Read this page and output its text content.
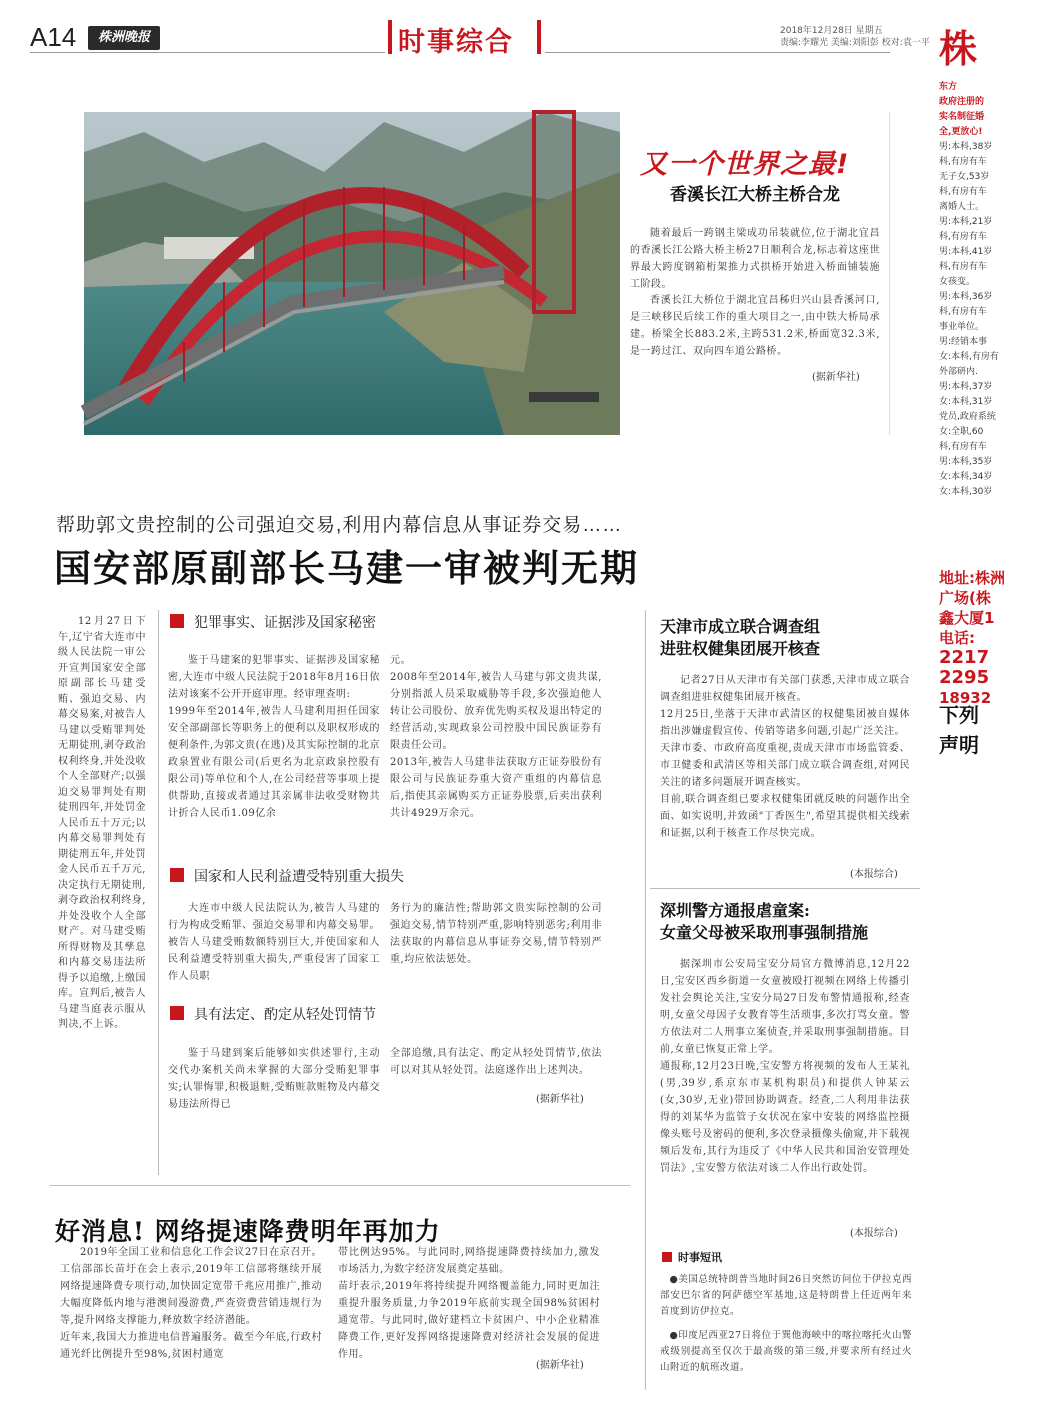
A14	株洲晚报	时事综合	2018年12月28日 星期五
责编:李耀光 美编:刘阳彭 校对:袁一平
又一个世界之最!
香溪长江大桥主桥合龙
随着最后一跨钢主梁成功吊装就位,位于湖北宜昌的香溪长江公路大桥主桥27日顺利合龙,标志着这座世界最大跨度钢箱桁架推力式拱桥开始进入桥面铺装施工阶段。
香溪长江大桥位于湖北宜昌秭归兴山县香溪河口,是三峡移民后续工作的重大项目之一,由中铁大桥局承建。桥梁全长883.2米,主跨531.2米,桥面宽32.3米,是一跨过江、双向四车道公路桥。
(据新华社)
帮助郭文贵控制的公司强迫交易,利用内幕信息从事证券交易……
国安部原副部长马建一审被判无期
12月27日下午,辽宁省大连市中级人民法院一审公开宣判国家安全部原副部长马建受贿、强迫交易、内幕交易案,对被告人马建以受贿罪判处无期徒刑,剥夺政治权利终身,并处没收个人全部财产;以强迫交易罪判处有期徒刑四年,并处罚金人民币五十万元;以内幕交易罪判处有期徒刑五年,并处罚金人民币五千万元,决定执行无期徒刑,剥夺政治权利终身,并处没收个人全部财产。对马建受贿所得财物及其孳息和内幕交易违法所得予以追缴,上缴国库。宣判后,被告人马建当庭表示服从判决,不上诉。
犯罪事实、证据涉及国家秘密
鉴于马建案的犯罪事实、证据涉及国家秘密,大连市中级人民法院于2018年8月16日依法对该案不公开开庭审理。经审理查明:
1999年至2014年,被告人马建利用担任国家安全部副部长等职务上的便利以及职权形成的便利条件,为郭文贵(在逃)及其实际控制的北京政泉置业有限公司(后更名为北京政泉控股有限公司)等单位和个人,在公司经营等事项上提供帮助,直接或者通过其亲属非法收受财物共计折合人民币1.09亿余
元。
2008年至2014年,被告人马建与郭文贵共谋,分别指派人员采取威胁等手段,多次强迫他人转让公司股份、放弃优先购买权及退出特定的经营活动,实现政泉公司控股中国民族证券有限责任公司。
2013年,被告人马建非法获取方正证券股份有限公司与民族证券重大资产重组的内幕信息后,指使其亲属购买方正证券股票,后卖出获利共计4929万余元。
国家和人民利益遭受特别重大损失
大连市中级人民法院认为,被告人马建的行为构成受贿罪、强迫交易罪和内幕交易罪。被告人马建受贿数额特别巨大,并使国家和人民利益遭受特别重大损失,严重侵害了国家工作人员职
务行为的廉洁性;帮助郭文贵实际控制的公司强迫交易,情节特别严重,影响特别恶劣;利用非法获取的内幕信息从事证券交易,情节特别严重,均应依法惩处。
具有法定、酌定从轻处罚情节
鉴于马建到案后能够如实供述罪行,主动交代办案机关尚未掌握的大部分受贿犯罪事实;认罪悔罪,积极退赃,受贿赃款赃物及内幕交易违法所得已
全部追缴,具有法定、酌定从轻处罚情节,依法可以对其从轻处罚。法庭遂作出上述判决。
(据新华社)
天津市成立联合调查组
进驻权健集团展开核查
记者27日从天津市有关部门获悉,天津市成立联合调查组进驻权健集团展开核查。
12月25日,坐落于天津市武清区的权健集团被自媒体指出涉嫌虚假宣传、传销等诸多问题,引起广泛关注。
天津市委、市政府高度重视,责成天津市市场监管委、市卫健委和武清区等相关部门成立联合调查组,对网民关注的诸多问题展开调查核实。
目前,联合调查组已要求权健集团就反映的问题作出全面、如实说明,并致函"丁香医生",希望其提供相关线索和证据,以利于核查工作尽快完成。
(本报综合)
深圳警方通报虐童案:
女童父母被采取刑事强制措施
据深圳市公安局宝安分局官方微博消息,12月22日,宝安区西乡街道一女童被殴打视频在网络上传播引发社会舆论关注,宝安分局27日发布警情通报称,经查明,女童父母因子女教育等生活琐事,多次打骂女童。警方依法对二人刑事立案侦查,并采取刑事强制措施。目前,女童已恢复正常上学。
通报称,12月23日晚,宝安警方将视频的发布人王某礼(男,39岁,系京东市某机构职员)和提供人钟某云(女,30岁,无业)带回协助调查。经查,二人利用非法获得的刘某华为监管子女状况在家中安装的网络监控摄像头账号及密码的便利,多次登录摄像头偷窥,并下载视频后发布,其行为违反了《中华人民共和国治安管理处罚法》,宝安警方依法对该二人作出行政处罚。
(本报综合)
时事短讯
●美国总统特朗普当地时间26日突然访问位于伊拉克西部安巴尔省的阿萨德空军基地,这是特朗普上任近两年来首度到访伊拉克。
●印度尼西亚27日将位于巽他海峡中的喀拉喀托火山警戒级别提高至仅次于最高级的第三级,并要求所有经过火山附近的航班改道。
好消息! 网络提速降费明年再加力
2019年全国工业和信息化工作会议27日在京召开。工信部部长苗圩在会上表示,2019年工信部将继续开展网络提速降费专项行动,加快固定宽带千兆应用推广,推动大幅度降低内地与港澳间漫游费,严查资费营销违规行为等,提升网络支撑能力,释放数字经济潜能。
近年来,我国大力推进电信普遍服务。截至今年底,行政村通光纤比例提升至98%,贫困村通宽
带比例达95%。与此同时,网络提速降费持续加力,激发市场活力,为数字经济发展奠定基础。
苗圩表示,2019年将持续提升网络覆盖能力,同时更加注重提升服务质量,力争2019年底前实现全国98%贫困村通宽带。与此同时,做好建档立卡贫困户、中小企业精准降费工作,更好发挥网络提速降费对经济社会发展的促进作用。
(据新华社)
株
东方
政府注册的
实名制征婚
全,更放心!
男:本科,38岁
科,有房有车
无子女,53岁
科,有房有车
离婚人士。
男:本科,21岁
科,有房有车
男:本科,41岁
科,有房有车
女孩变。
男:本科,36岁
科,有房有车
事业单位。
男:经销本事
女:本科,有房有
外部研内.
男:本科,37岁
女:本科,31岁
党员,政府系统
女:全职,60
科,有房有车
男:本科,35岁
女:本科,34岁
女:本科,30岁
地址:株洲
广场(株
鑫大厦1
电话:
2217
2295
18932
下列
声明
